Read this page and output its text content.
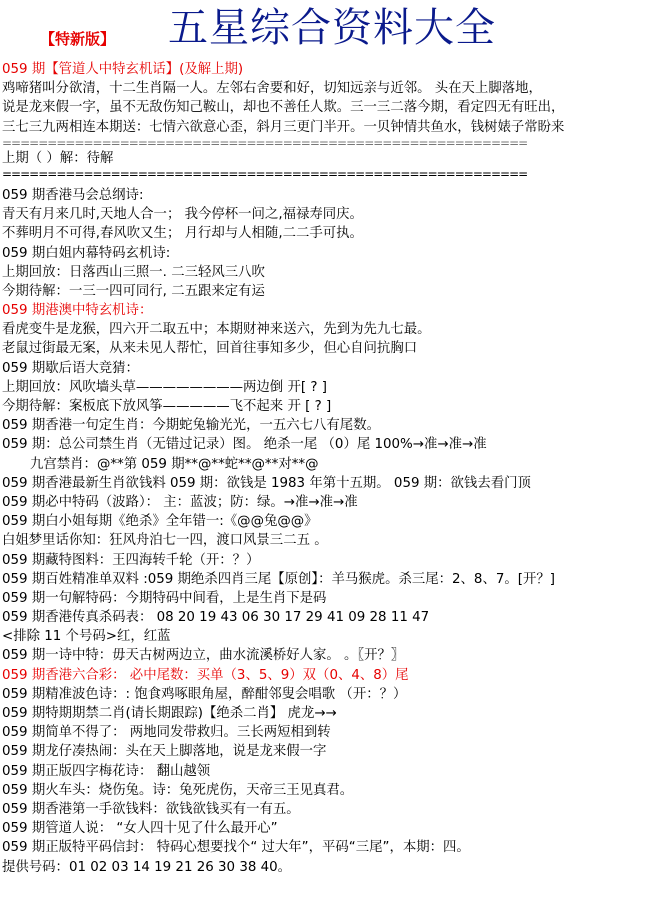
【特新版】 五星综合资料大全
059 期【管道人中特玄机话】(及解上期)
鸡啼猪叫分欲清，十二生肖隔一人。左邻右舍要和好，切知远亲与近邻。 头在天上脚落地，
说是龙来假一字，虽不无敌伤知己鞍山，却也不善任人欺。三一三二落今期，看定四无有旺出，
三七三九两相连本期送：七情六欲意心歪，斜月三更门半开。一贝钟情共鱼水，钱树婊子常盼来
==========================================================
上期（ ）解：待解
==========================================================
059 期香港马会总纲诗:
青天有月来几时,天地人合一； 我今停杯一问之,福禄寿同庆。
不葬明月不可得,春风吹又生； 月行却与人相随,二二手可执。
059 期白姐内幕特码玄机诗:
上期回放：日落西山三照一. 二三轻风三八吹
今期待解：一三一四可同行, 二五跟来定有运
059 期港澳中特玄机诗：
看虎变牛是龙猴，四六开二取五中；本期财神来送六，先到为先九七最。
老鼠过街最无案，从来未见人帮忙，回首往事知多少，但心自问抗胸口
059 期歇后语大竞猜：
上期回放：风吹墙头草————————两边倒 开[ ? ]
今期待解：案板底下放风筝—————飞不起来 开 [ ? ]
059 期香港一句定生肖：今期蛇兔输光光，一五六七八有尾数。
059 期：总公司禁生肖（无错过记录）图。 绝杀一尾 （0）尾 100%→准→准→准
九宫禁肖：@**第 059 期**@**蛇**@**对**@
059 期香港最新生肖欲钱料 059 期：欲钱是 1983 年第十五期。 059 期：欲钱去看门顶
059 期必中特码（波路）： 主：蓝波；防：绿。→准→准→准
059 期白小姐每期《绝杀》全年错一:《@@兔@@》
白姐梦里话你知：狂风舟泊七一四，渡口风景三二五 。
059 期藏特图料：王四海转千轮（开：？）
059 期百姓精准单双料 :059 期绝杀四肖三尾【原创】：羊马猴虎。杀三尾：2、8、7。[开？]
059 期一句解特码：今期特码中间看，上是生肖下是码
059 期香港传真杀码表： 08 20 19 43 06 30 17 29 41 09 28 11 47
<排除 11 个号码>红，红蓝
059 期一诗中特：毋天古树两边立，曲水流溪桥好人家。 。〖开？〗
059 期香港六合彩： 必中尾数：买单（3、5、9）双（0、4、8）尾
059 期精准波色诗：: 饱食鸡啄眼角屋，醉酣邻叟会唱歌 （开：？）
059 期特期期禁二肖(请长期跟踪)【绝杀二肖】 虎龙→→
059 期简单不得了： 两地同发带救归。三长两短相到转
059 期龙仔凑热闹：头在天上脚落地，说是龙来假一字
059 期正版四字梅花诗： 翻山越领
059 期火车头：烧伤兔。诗：兔死虎伤，天帝三王见真君。
059 期香港第一手欲钱料：欲钱欲钱买有一有五。
059 期管道人说： “女人四十见了什么最开心”
059 期正版特平码信封： 特码心想要找个“ 过大年”，平码“三尾”，本期：四。
提供号码：01 02 03 14 19 21 26 30 38 40。
